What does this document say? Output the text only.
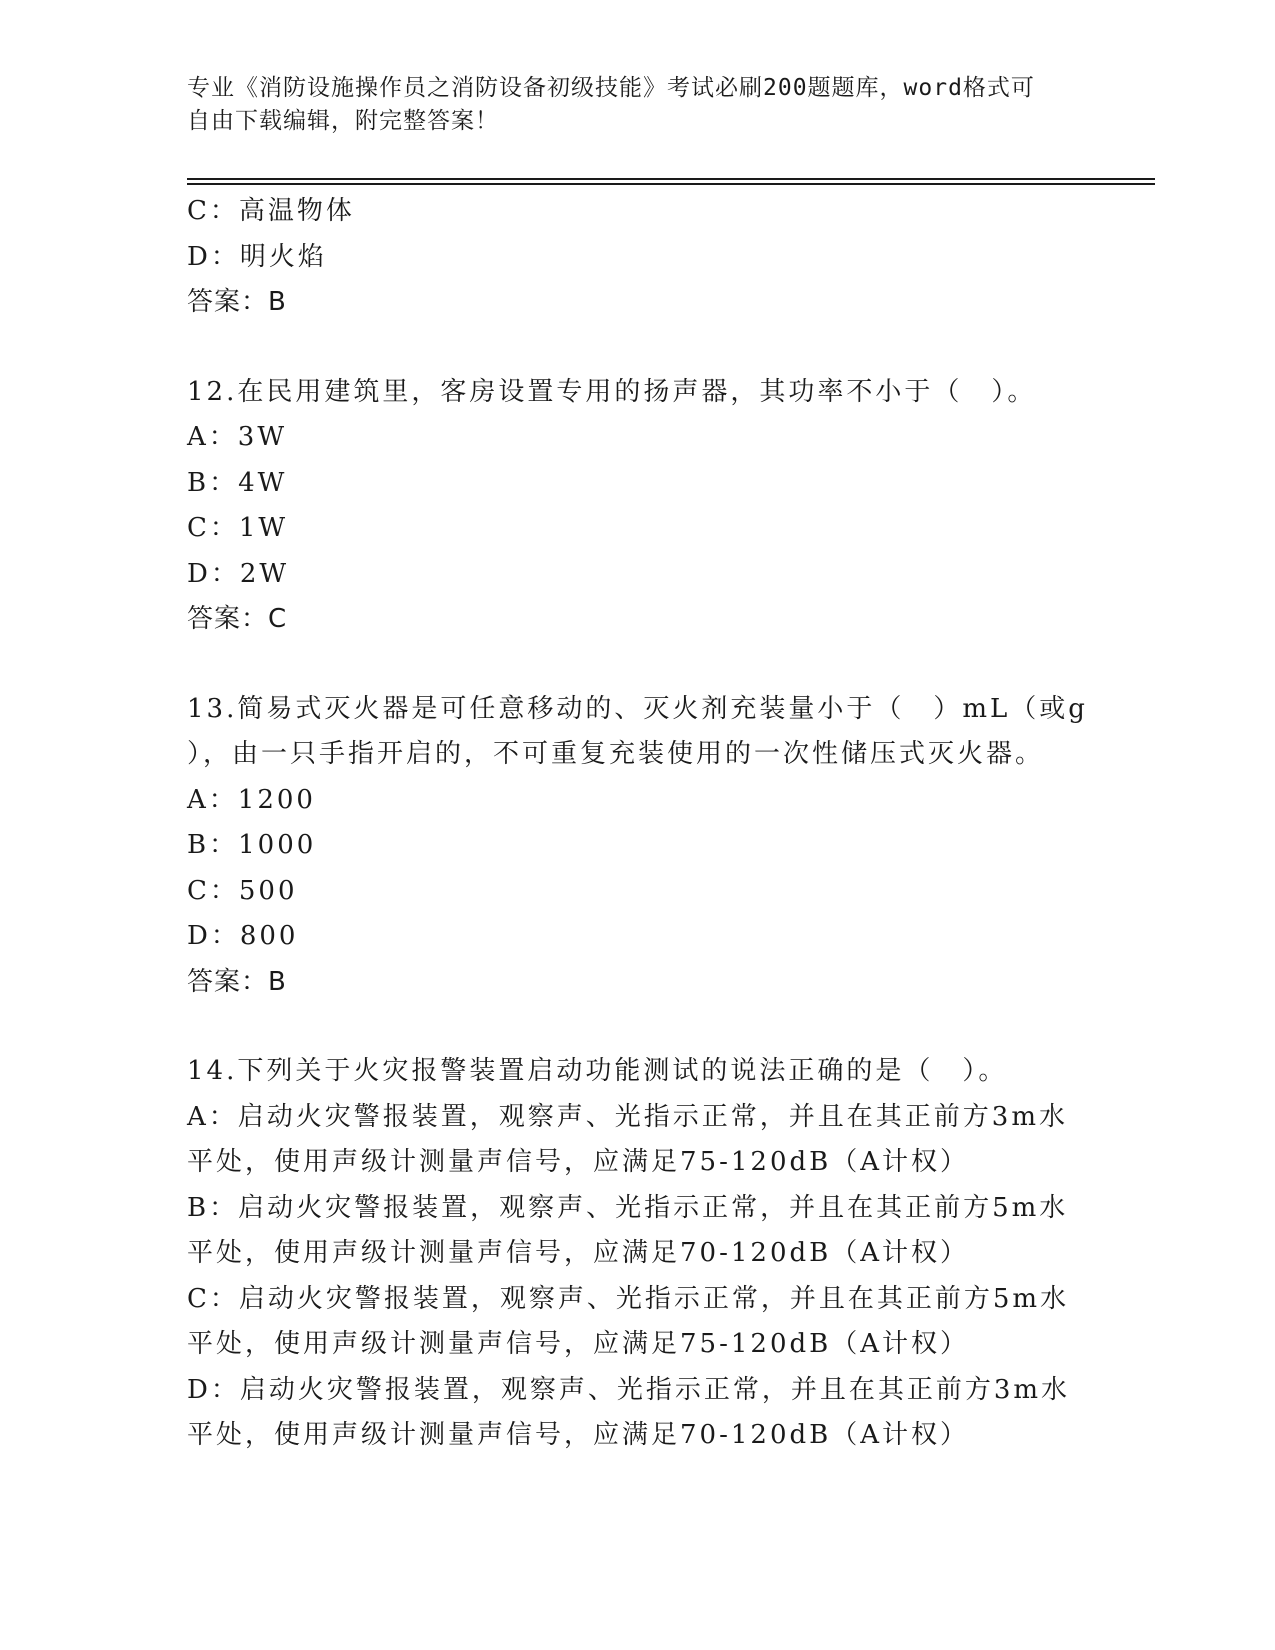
专业《消防设施操作员之消防设备初级技能》考试必刷200题题库，word格式可
自由下载编辑，附完整答案！
C：高温物体
D：明火焰
答案：B
12.在民用建筑里，客房设置专用的扬声器，其功率不小于（　）。
A：3W
B：4W
C：1W
D：2W
答案：C
13.简易式灭火器是可任意移动的、灭火剂充装量小于（　）mL（或g
），由一只手指开启的，不可重复充装使用的一次性储压式灭火器。
A：1200
B：1000
C：500
D：800
答案：B
14.下列关于火灾报警装置启动功能测试的说法正确的是（　）。
A：启动火灾警报装置，观察声、光指示正常，并且在其正前方3m水
平处，使用声级计测量声信号，应满足75-120dB（A计权）
B：启动火灾警报装置，观察声、光指示正常，并且在其正前方5m水
平处，使用声级计测量声信号，应满足70-120dB（A计权）
C：启动火灾警报装置，观察声、光指示正常，并且在其正前方5m水
平处，使用声级计测量声信号，应满足75-120dB（A计权）
D：启动火灾警报装置，观察声、光指示正常，并且在其正前方3m水
平处，使用声级计测量声信号，应满足70-120dB（A计权）
